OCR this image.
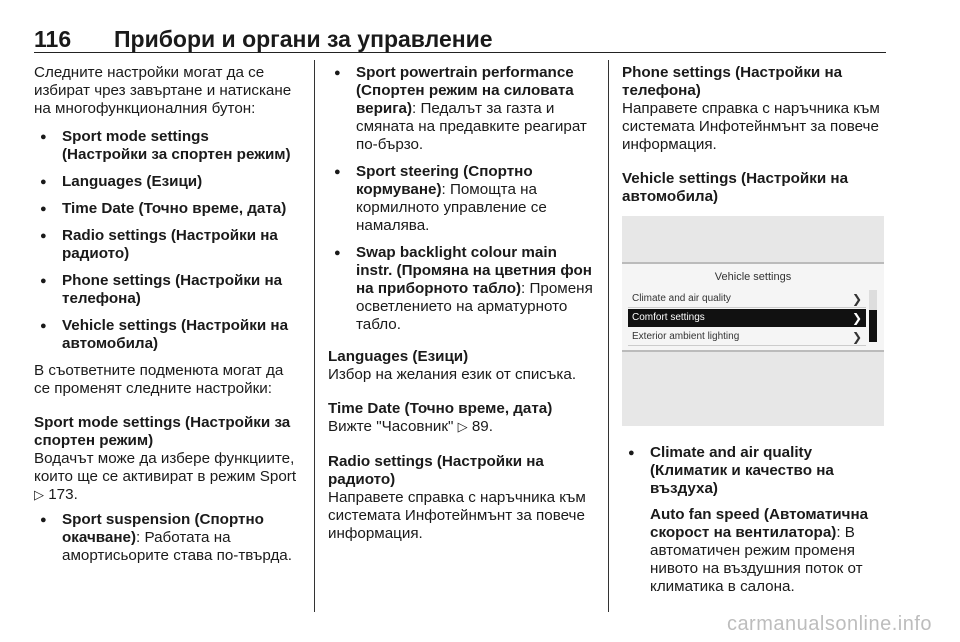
116 Прибори и органи за управление

Следните настройки могат да се избират чрез завъртане и натискане на многофункционалния бутон:

● Sport mode settings (Настройки за спортен режим)
● Languages (Езици)
● Time Date (Точно време, дата)
● Radio settings (Настройки на радиото)
● Phone settings (Настройки на телефона)
● Vehicle settings (Настройки на автомобила)

В съответните подменюта могат да се променят следните настройки:

Sport mode settings (Настройки за спортен режим)

Водачът може да избере функциите, които ще се активират в режим Sport ▷ 173.

● Sport suspension (Спортно окачване): Работата на амортисьорите става по-твърда.
● Sport powertrain performance (Спортен режим на силовата верига): Педалът за газта и смяната на предавките реагират по-бързо.
● Sport steering (Спортно кормуване): Помощта на кормилното управление се намалява.
● Swap backlight colour main instr. (Промяна на цветния фон на приборното табло): Променя осветлението на арматурното табло.

Languages (Езици)

Избор на желания език от списъка.

Time Date (Точно време, дата)

Вижте "Часовник" ▷ 89.

Radio settings (Настройки на радиото)

Направете справка с наръчника към системата Инфотейнмънт за повече информация.

Phone settings (Настройки на телефона)

Направете справка с наръчника към системата Инфотейнмънт за повече информация.

Vehicle settings (Настройки на автомобила)

Vehicle settings
Climate and air quality	❯
Comfort settings	❯
Exterior ambient lighting	❯
● Climate and air quality (Климатик и качество на въздуха)
Auto fan speed (Автоматична скорост на вентилатора): В автоматичен режим променя нивото на въздушния поток от климатика в салона.
carmanualsonline.info
